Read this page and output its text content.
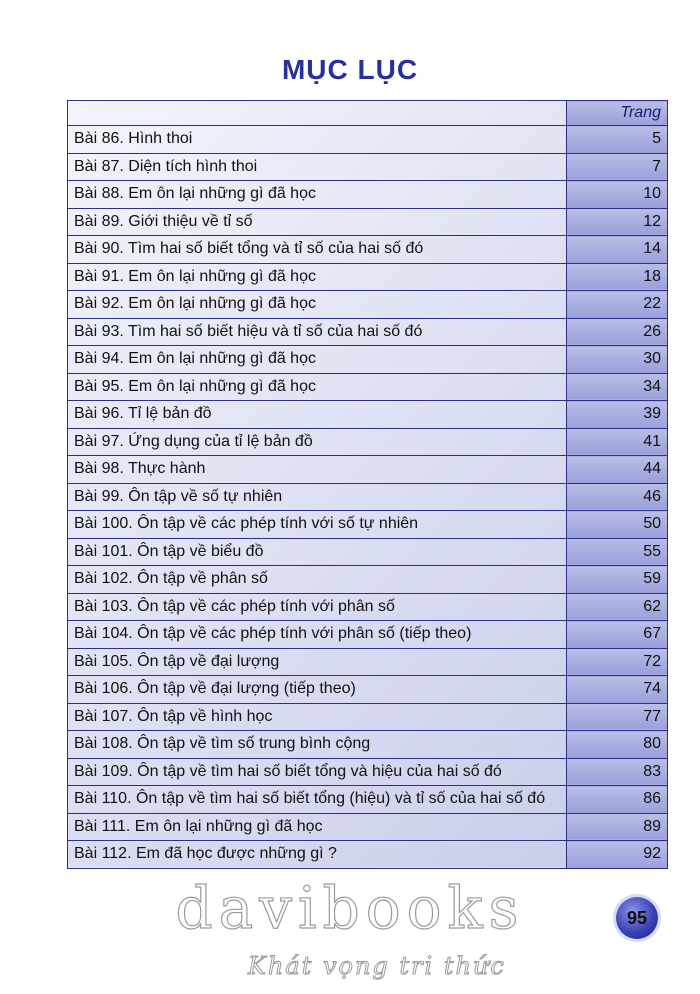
MỤC LỤC
	Trang
Bài 86. Hình thoi	5
Bài 87. Diện tích hình thoi	7
Bài 88. Em ôn lại những gì đã học	10
Bài 89. Giới thiệu về tỉ số	12
Bài 90. Tìm hai số biết tổng và tỉ số của hai số đó	14
Bài 91. Em ôn lại những gì đã học	18
Bài 92. Em ôn lại những gì đã học	22
Bài 93. Tìm hai số biết hiệu và tỉ số của hai số đó	26
Bài 94. Em ôn lại những gì đã học	30
Bài 95. Em ôn lại những gì đã học	34
Bài 96. Tỉ lệ bản đồ	39
Bài 97. Ứng dụng của tỉ lệ bản đồ	41
Bài 98. Thực hành	44
Bài 99. Ôn tập về số tự nhiên	46
Bài 100. Ôn tập về các phép tính với số tự nhiên	50
Bài 101. Ôn tập về biểu đồ	55
Bài 102. Ôn tập về phân số	59
Bài 103. Ôn tập về các phép tính với phân số	62
Bài 104. Ôn tập về các phép tính với phân số (tiếp theo)	67
Bài 105. Ôn tập về đại lượng	72
Bài 106. Ôn tập về đại lượng (tiếp theo)	74
Bài 107. Ôn tập về hình học	77
Bài 108. Ôn tập về tìm số trung bình cộng	80
Bài 109. Ôn tập về tìm hai số biết tổng và hiệu của hai số đó	83
Bài 110. Ôn tập về tìm hai số biết tổng (hiệu) và tỉ số của hai số đó	86
Bài 111. Em ôn lại những gì đã học	89
Bài 112. Em đã học được những gì ?	92
95
davibooks
Khát vọng tri thức
